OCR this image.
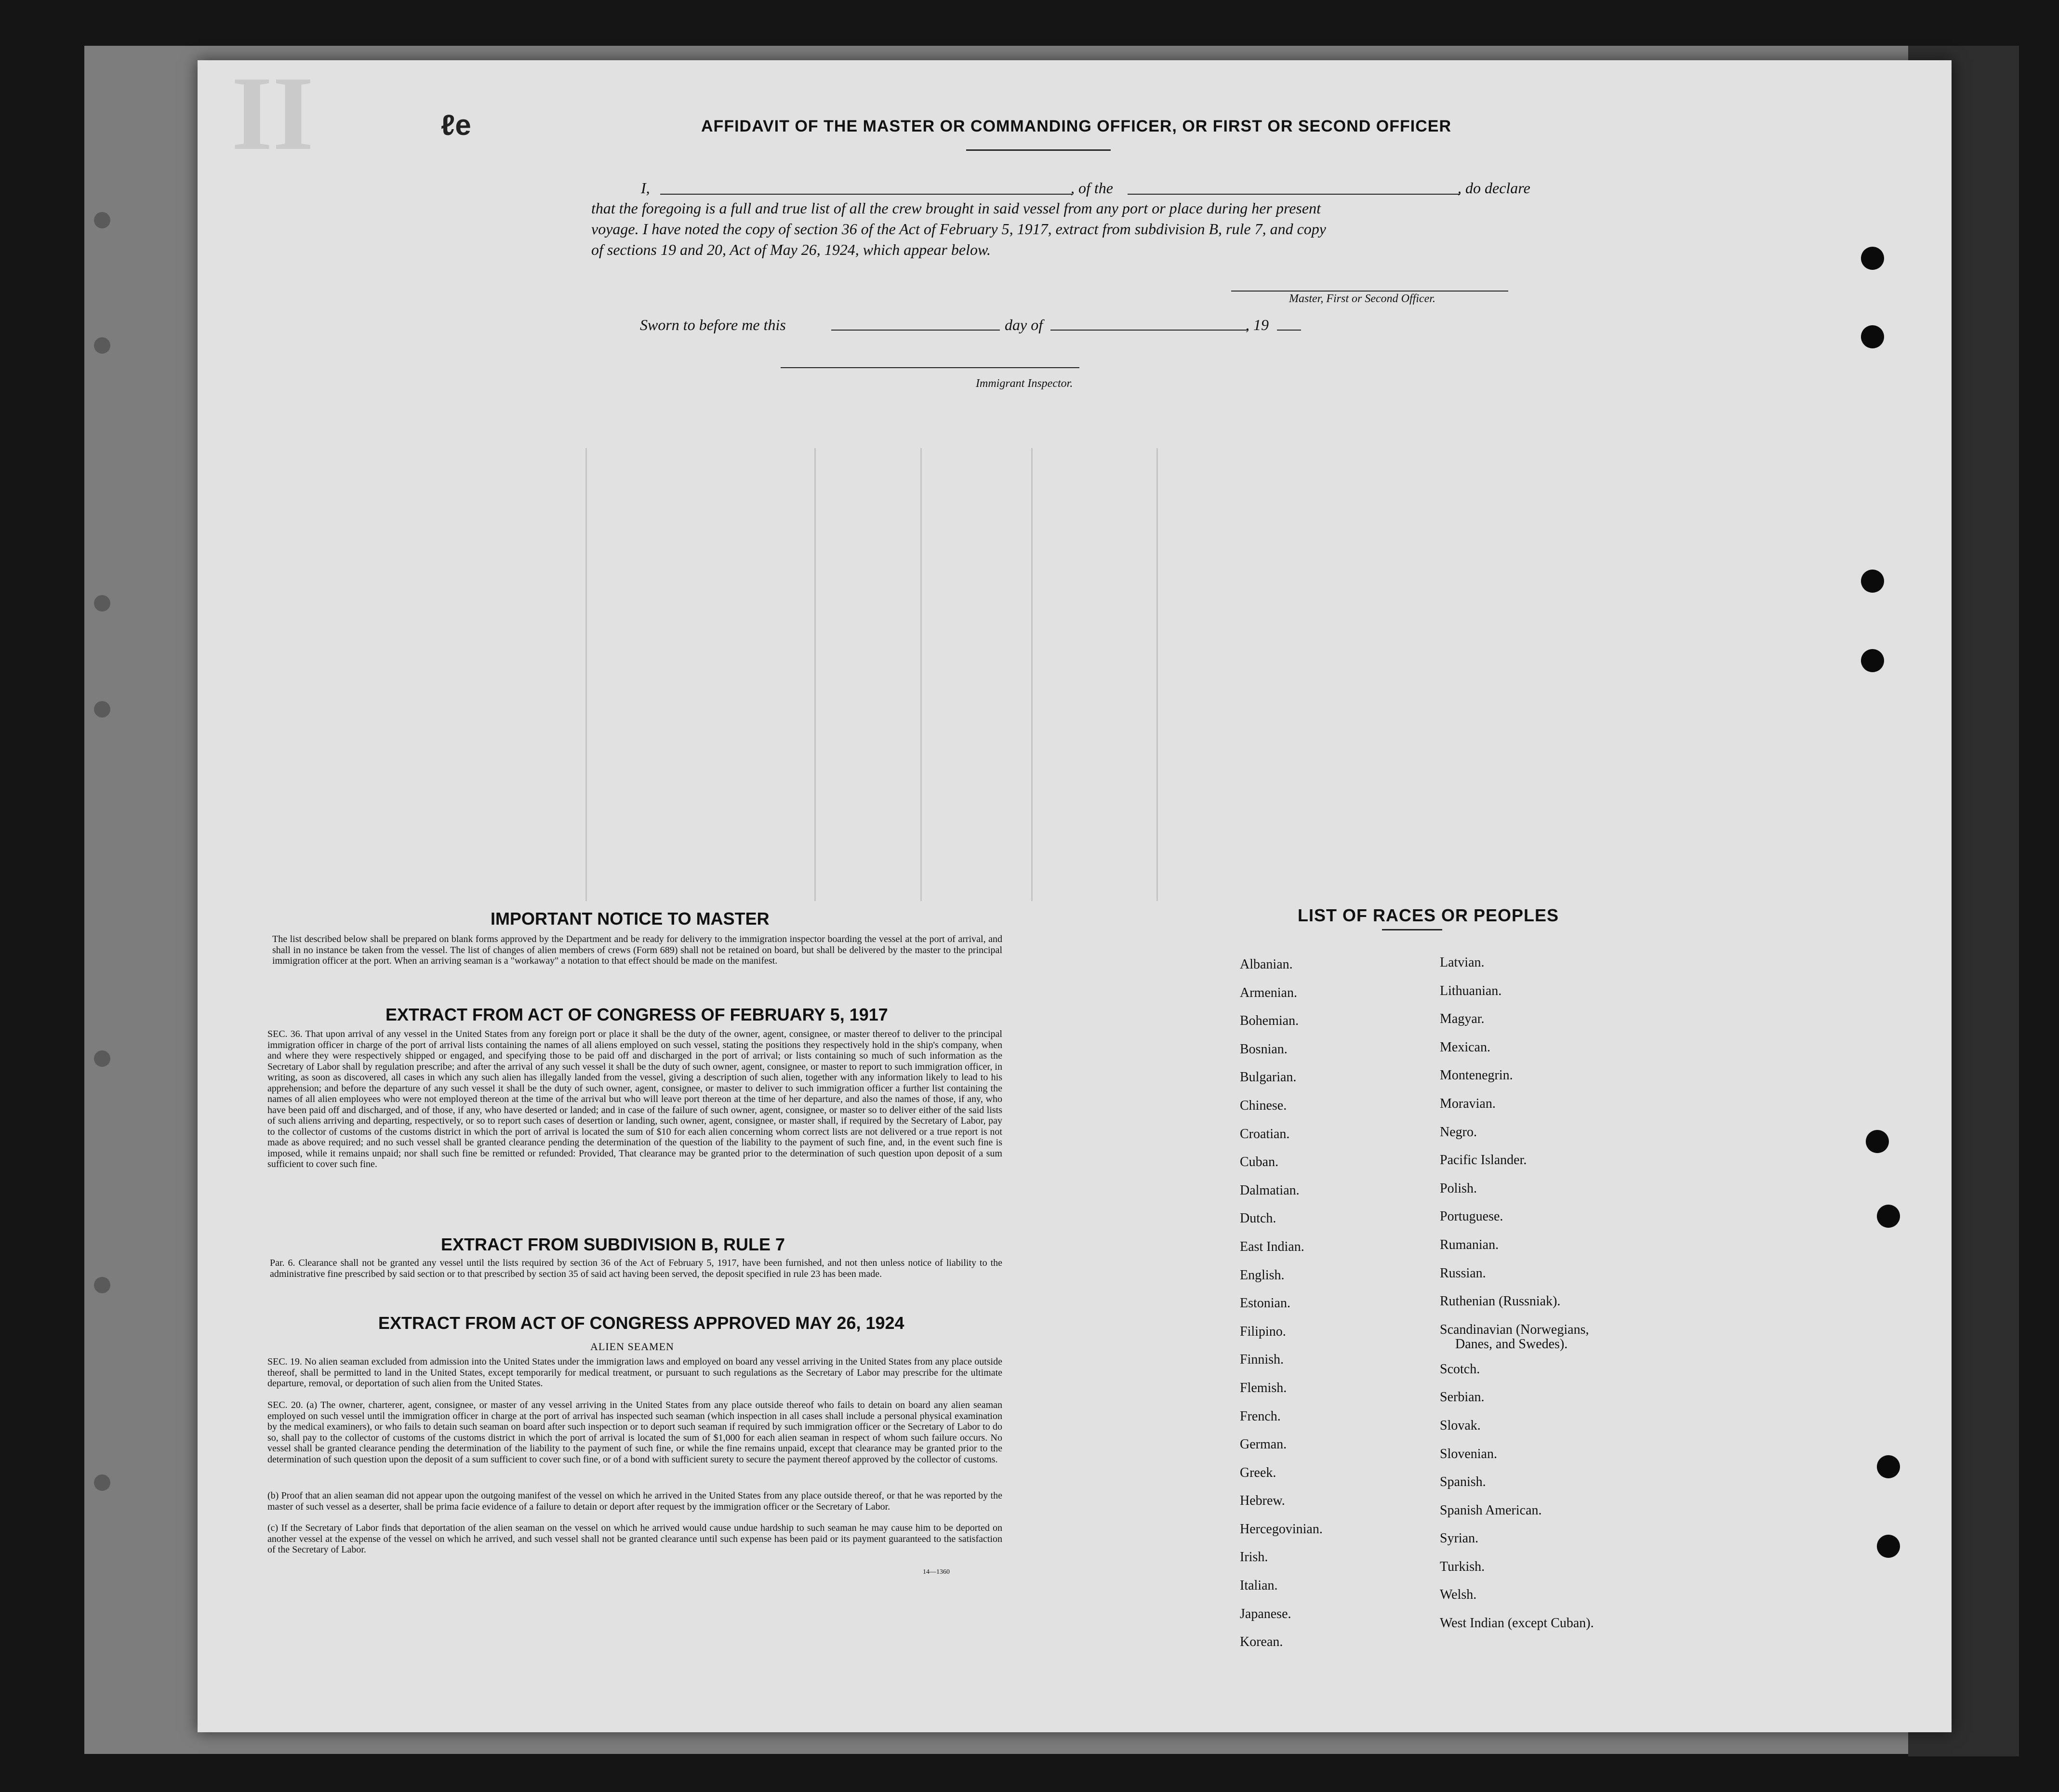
II	ℓe	AFFIDAVIT OF THE MASTER OR COMMANDING OFFICER, OR FIRST OR SECOND OFFICER
I,	, of the	, do declare
that the foregoing is a full and true list of all the crew brought in said vessel from any port or place during her present
voyage. I have noted the copy of section 36 of the Act of February 5, 1917, extract from subdivision B, rule 7, and copy
of sections 19 and 20, Act of May 26, 1924, which appear below.
Master, First or Second Officer.
Sworn to before me this	day of	, 19
Immigrant Inspector.
IMPORTANT NOTICE TO MASTER
The list described below shall be prepared on blank forms approved by the Department and be ready for delivery to the immigration inspector boarding the vessel at the port of arrival, and shall in no instance be taken from the vessel. The list of changes of alien members of crews (Form 689) shall not be retained on board, but shall be delivered by the master to the principal immigration officer at the port. When an arriving seaman is a "workaway" a notation to that effect should be made on the manifest.
EXTRACT FROM ACT OF CONGRESS OF FEBRUARY 5, 1917
SEC. 36. That upon arrival of any vessel in the United States from any foreign port or place it shall be the duty of the owner, agent, consignee, or master thereof to deliver to the principal immigration officer in charge of the port of arrival lists containing the names of all aliens employed on such vessel, stating the positions they respectively hold in the ship's company, when and where they were respectively shipped or engaged, and specifying those to be paid off and discharged in the port of arrival; or lists containing so much of such information as the Secretary of Labor shall by regulation prescribe; and after the arrival of any such vessel it shall be the duty of such owner, agent, consignee, or master to report to such immigration officer, in writing, as soon as discovered, all cases in which any such alien has illegally landed from the vessel, giving a description of such alien, together with any information likely to lead to his apprehension; and before the departure of any such vessel it shall be the duty of such owner, agent, consignee, or master to deliver to such immigration officer a further list containing the names of all alien employees who were not employed thereon at the time of the arrival but who will leave port thereon at the time of her departure, and also the names of those, if any, who have been paid off and discharged, and of those, if any, who have deserted or landed; and in case of the failure of such owner, agent, consignee, or master so to deliver either of the said lists of such aliens arriving and departing, respectively, or so to report such cases of desertion or landing, such owner, agent, consignee, or master shall, if required by the Secretary of Labor, pay to the collector of customs of the customs district in which the port of arrival is located the sum of $10 for each alien concerning whom correct lists are not delivered or a true report is not made as above required; and no such vessel shall be granted clearance pending the determination of the question of the liability to the payment of such fine, and, in the event such fine is imposed, while it remains unpaid; nor shall such fine be remitted or refunded: Provided, That clearance may be granted prior to the determination of such question upon deposit of a sum sufficient to cover such fine.
EXTRACT FROM SUBDIVISION B, RULE 7
Par. 6. Clearance shall not be granted any vessel until the lists required by section 36 of the Act of February 5, 1917, have been furnished, and not then unless notice of liability to the administrative fine prescribed by said section or to that prescribed by section 35 of said act having been served, the deposit specified in rule 23 has been made.
EXTRACT FROM ACT OF CONGRESS APPROVED MAY 26, 1924
ALIEN SEAMEN
SEC. 19. No alien seaman excluded from admission into the United States under the immigration laws and employed on board any vessel arriving in the United States from any place outside thereof, shall be permitted to land in the United States, except temporarily for medical treatment, or pursuant to such regulations as the Secretary of Labor may prescribe for the ultimate departure, removal, or deportation of such alien from the United States.
SEC. 20. (a) The owner, charterer, agent, consignee, or master of any vessel arriving in the United States from any place outside thereof who fails to detain on board any alien seaman employed on such vessel until the immigration officer in charge at the port of arrival has inspected such seaman (which inspection in all cases shall include a personal physical examination by the medical examiners), or who fails to detain such seaman on board after such inspection or to deport such seaman if required by such immigration officer or the Secretary of Labor to do so, shall pay to the collector of customs of the customs district in which the port of arrival is located the sum of $1,000 for each alien seaman in respect of whom such failure occurs. No vessel shall be granted clearance pending the determination of the liability to the payment of such fine, or while the fine remains unpaid, except that clearance may be granted prior to the determination of such question upon the deposit of a sum sufficient to cover such fine, or of a bond with sufficient surety to secure the payment thereof approved by the collector of customs.
(b) Proof that an alien seaman did not appear upon the outgoing manifest of the vessel on which he arrived in the United States from any place outside thereof, or that he was reported by the master of such vessel as a deserter, shall be prima facie evidence of a failure to detain or deport after request by the immigration officer or the Secretary of Labor.
(c) If the Secretary of Labor finds that deportation of the alien seaman on the vessel on which he arrived would cause undue hardship to such seaman he may cause him to be deported on another vessel at the expense of the vessel on which he arrived, and such vessel shall not be granted clearance until such expense has been paid or its payment guaranteed to the satisfaction of the Secretary of Labor.
14—1360
LIST OF RACES OR PEOPLES
Albanian.
Armenian.
Bohemian.
Bosnian.
Bulgarian.
Chinese.
Croatian.
Cuban.
Dalmatian.
Dutch.
East Indian.
English.
Estonian.
Filipino.
Finnish.
Flemish.
French.
German.
Greek.
Hebrew.
Hercegovinian.
Irish.
Italian.
Japanese.
Korean.
Latvian.
Lithuanian.
Magyar.
Mexican.
Montenegrin.
Moravian.
Negro.
Pacific Islander.
Polish.
Portuguese.
Rumanian.
Russian.
Ruthenian (Russniak).
Scandinavian (Norwegians,
Danes, and Swedes).
Scotch.
Serbian.
Slovak.
Slovenian.
Spanish.
Spanish American.
Syrian.
Turkish.
Welsh.
West Indian (except Cuban).
